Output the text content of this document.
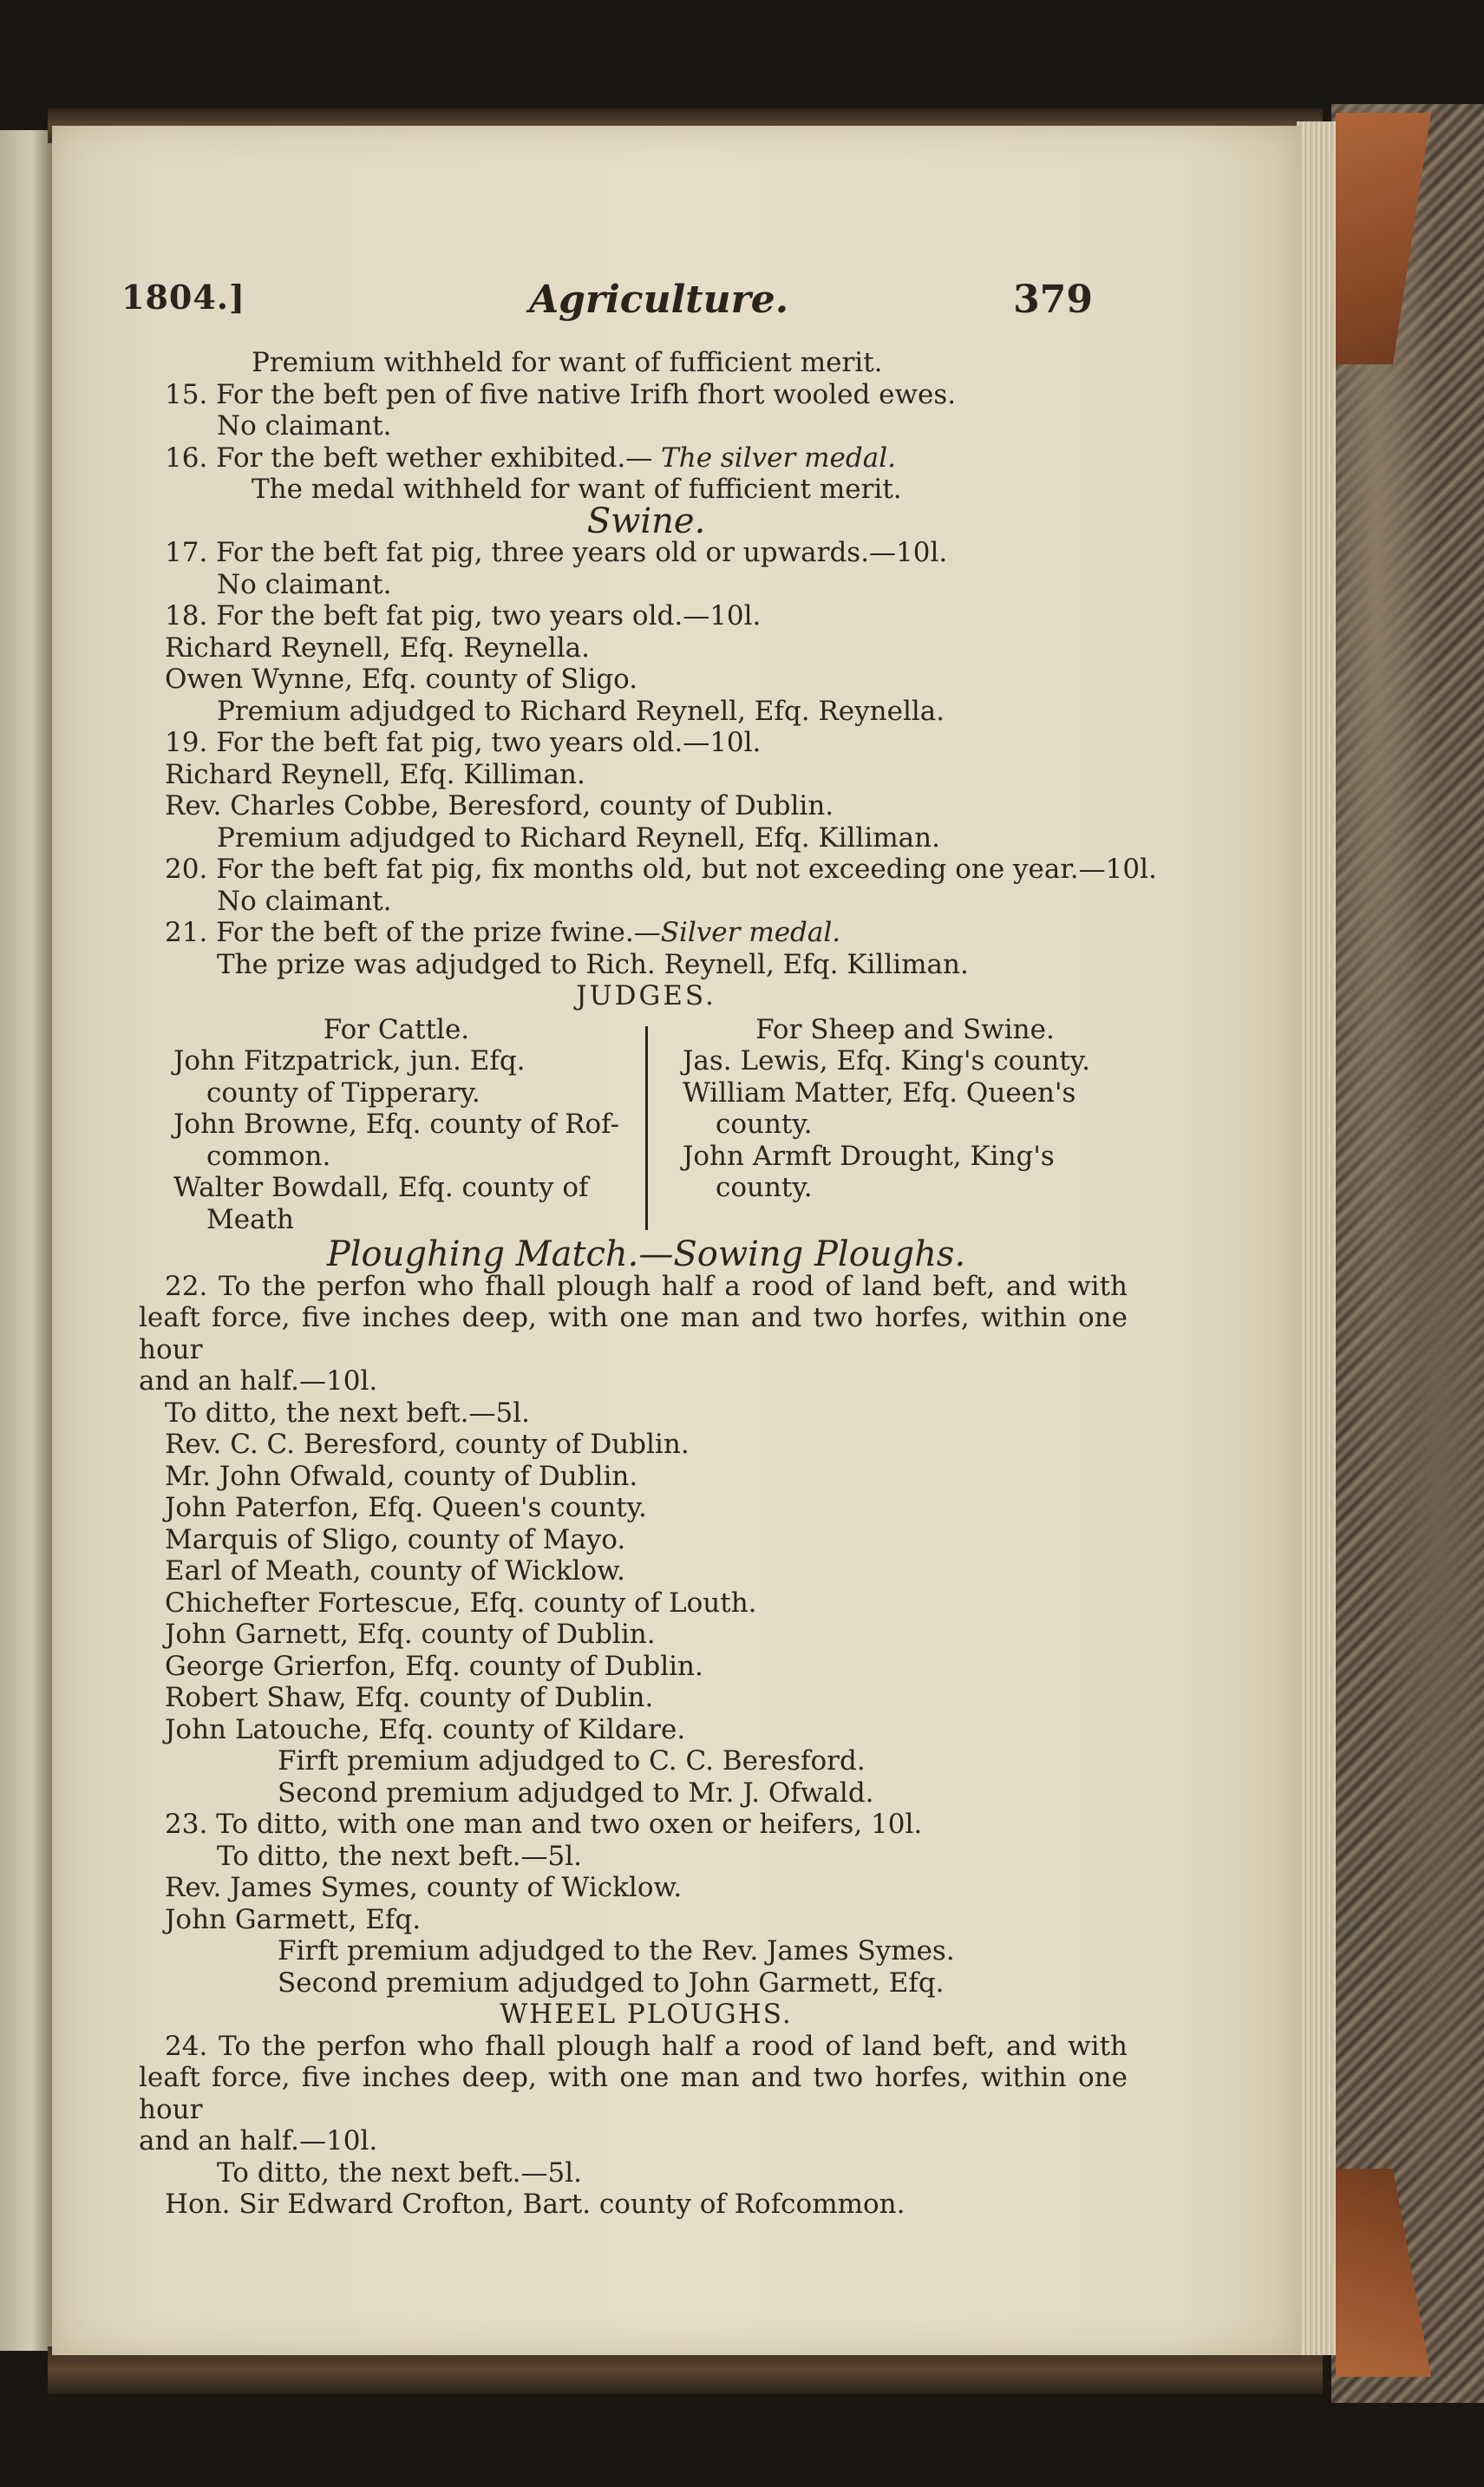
1804.]	Agriculture.	379
Premium withheld for want of fufficient merit.
15. For the beft pen of five native Irifh fhort wooled ewes.
No claimant.
16. For the beft wether exhibited.— The silver medal.
The medal withheld for want of fufficient merit.
Swine.
17. For the beft fat pig, three years old or upwards.—10l.
No claimant.
18. For the beft fat pig, two years old.—10l.
Richard Reynell, Efq. Reynella.
Owen Wynne, Efq. county of Sligo.
Premium adjudged to Richard Reynell, Efq. Reynella.
19. For the beft fat pig, two years old.—10l.
Richard Reynell, Efq. Killiman.
Rev. Charles Cobbe, Beresford, county of Dublin.
Premium adjudged to Richard Reynell, Efq. Killiman.
20. For the beft fat pig, fix months old, but not exceeding one year.—10l.
No claimant.
21. For the beft of the prize fwine.—Silver medal.
The prize was adjudged to Rich. Reynell, Efq. Killiman.
JUDGES.
For Cattle.
John Fitzpatrick, jun. Efq.
county of Tipperary.
John Browne, Efq. county of Rof-
common.
Walter Bowdall, Efq. county of
Meath
For Sheep and Swine.
Jas. Lewis, Efq. King's county.
William Matter, Efq. Queen's
county.
John Armft Drought, King's
county.
Ploughing Match.—Sowing Ploughs.
22. To the perfon who fhall plough half a rood of land beft, and with
leaft force, five inches deep, with one man and two horfes, within one hour
and an half.—10l.
To ditto, the next beft.—5l.
Rev. C. C. Beresford, county of Dublin.
Mr. John Ofwald, county of Dublin.
John Paterfon, Efq. Queen's county.
Marquis of Sligo, county of Mayo.
Earl of Meath, county of Wicklow.
Chichefter Fortescue, Efq. county of Louth.
John Garnett, Efq. county of Dublin.
George Grierfon, Efq. county of Dublin.
Robert Shaw, Efq. county of Dublin.
John Latouche, Efq. county of Kildare.
Firft premium adjudged to C. C. Beresford.
Second premium adjudged to Mr. J. Ofwald.
23. To ditto, with one man and two oxen or heifers, 10l.
To ditto, the next beft.—5l.
Rev. James Symes, county of Wicklow.
John Garmett, Efq.
Firft premium adjudged to the Rev. James Symes.
Second premium adjudged to John Garmett, Efq.
WHEEL PLOUGHS.
24. To the perfon who fhall plough half a rood of land beft, and with
leaft force, five inches deep, with one man and two horfes, within one hour
and an half.—10l.
To ditto, the next beft.—5l.
Hon. Sir Edward Crofton, Bart. county of Rofcommon.
